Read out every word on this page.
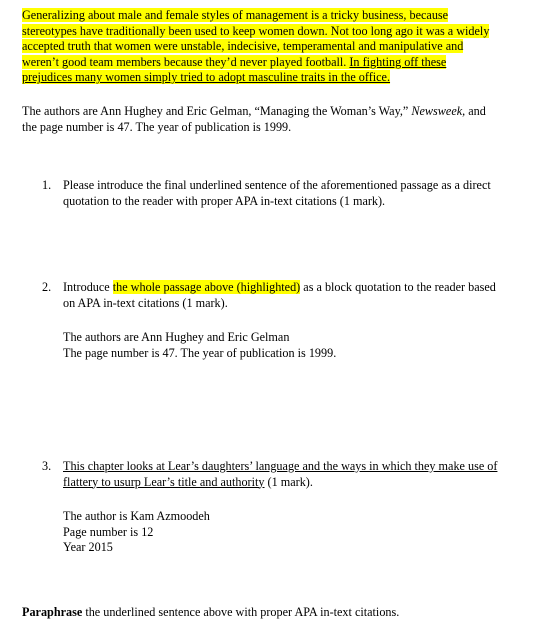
Generalizing about male and female styles of management is a tricky business, because
stereotypes have traditionally been used to keep women down. Not too long ago it was a widely
accepted truth that women were unstable, indecisive, temperamental and manipulative and
weren’t good team members because they’d never played football. In fighting off these
prejudices many women simply tried to adopt masculine traits in the office.
The authors are Ann Hughey and Eric Gelman, “Managing the Woman’s Way,” Newsweek, and
the page number is 47. The year of publication is 1999.
1. Please introduce the final underlined sentence of the aforementioned passage as a direct
quotation to the reader with proper APA in-text citations (1 mark).
2. Introduce the whole passage above (highlighted) as a block quotation to the reader based
on APA in-text citations (1 mark).
The authors are Ann Hughey and Eric Gelman
The page number is 47. The year of publication is 1999.
3. This chapter looks at Lear’s daughters’ language and the ways in which they make use of
flattery to usurp Lear’s title and authority (1 mark).
The author is Kam Azmoodeh
Page number is 12
Year 2015
Paraphrase the underlined sentence above with proper APA in-text citations.
